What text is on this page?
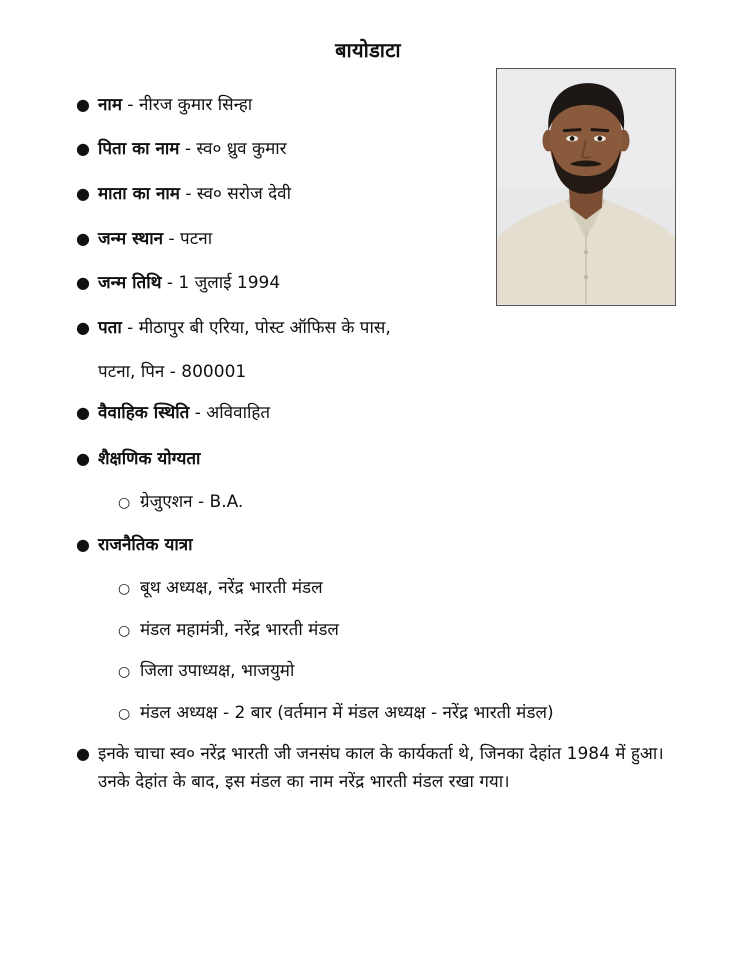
बायोडाटा
● नाम - नीरज कुमार सिन्हा
● पिता का नाम - स्व० ध्रुव कुमार
● माता का नाम - स्व० सरोज देवी
● जन्म स्थान - पटना
● जन्म तिथि - 1 जुलाई 1994
● पता - मीठापुर बी एरिया, पोस्ट ऑफिस के पास,
पटना, पिन - 800001
● वैवाहिक स्थिति - अविवाहित
● शैक्षणिक योग्यता
○ ग्रेजुएशन - B.A.
● राजनैतिक यात्रा
○ बूथ अध्यक्ष, नरेंद्र भारती मंडल
○ मंडल महामंत्री, नरेंद्र भारती मंडल
○ जिला उपाध्यक्ष, भाजयुमो
○ मंडल अध्यक्ष - 2 बार (वर्तमान में मंडल अध्यक्ष - नरेंद्र भारती मंडल)
● इनके चाचा स्व० नरेंद्र भारती जी जनसंघ काल के कार्यकर्ता थे, जिनका देहांत 1984 में हुआ। उनके देहांत के बाद, इस मंडल का नाम नरेंद्र भारती मंडल रखा गया।
